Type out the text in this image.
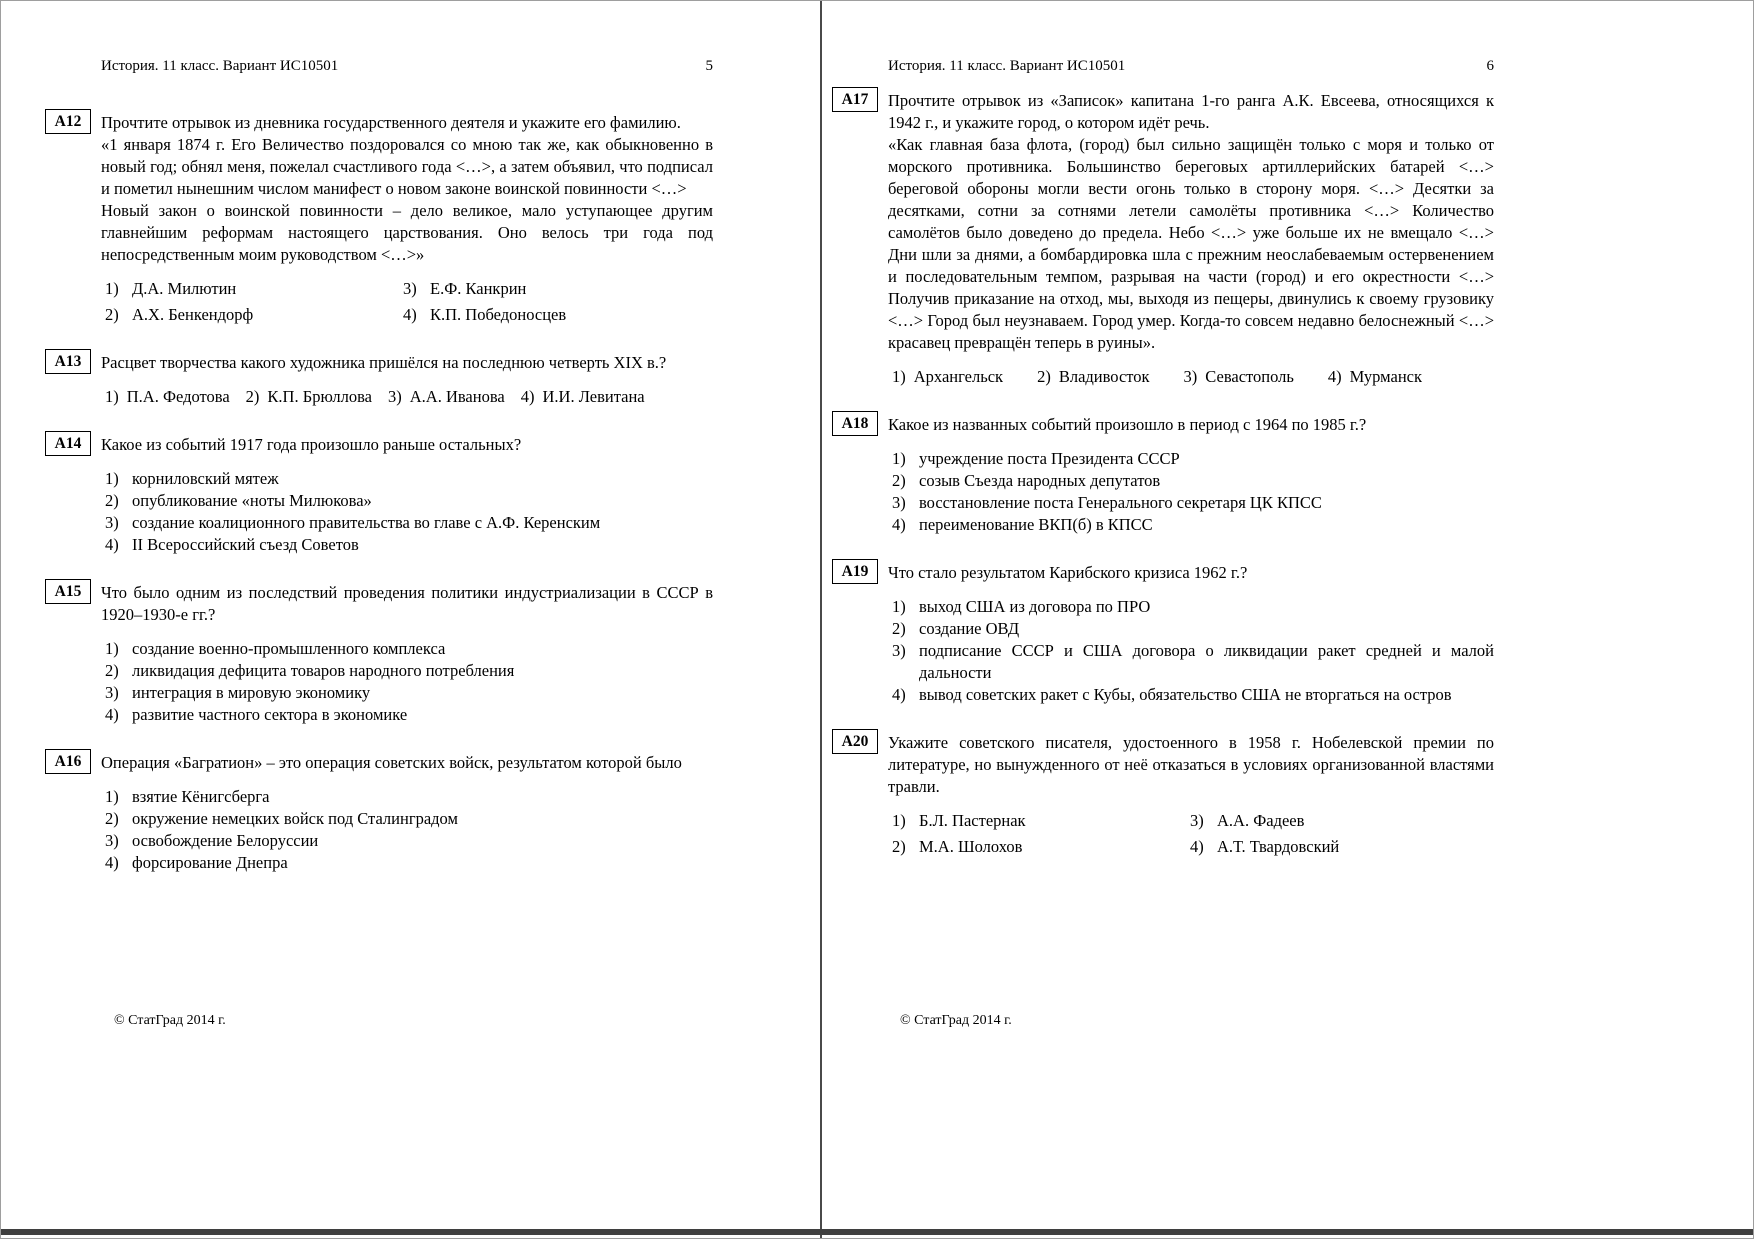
История. 11 класс. Вариант ИС10501	5
А12	Прочтите отрывок из дневника государственного деятеля и укажите его фамилию.

«1 января 1874 г. Его Величество поздоровался со мною так же, как обыкновенно в новый год; обнял меня, пожелал счастливого года <…>, а затем объявил, что подписал и пометил нынешним числом манифест о новом законе воинской повинности <…>

Новый закон о воинской повинности – дело великое, мало уступающее другим главнейшим реформам настоящего царствования. Оно велось три года под непосредственным моим руководством <…>»

1) Д.А. Милютин	3) Е.Ф. Канкрин
2) А.Х. Бенкендорф	4) К.П. Победоносцев
А13	Расцвет творчества какого художника пришёлся на последнюю четверть XIX в.?

1) П.А. Федотова 2) К.П. Брюллова 3) А.А. Иванова 4) И.И. Левитана
А14	Какое из событий 1917 года произошло раньше остальных?

1) корниловский мятеж
2) опубликование «ноты Милюкова»
3) создание коалиционного правительства во главе с А.Ф. Керенским
4) II Всероссийский съезд Советов
А15	Что было одним из последствий проведения политики индустриализации в СССР в 1920–1930-е гг.?

1) создание военно-промышленного комплекса
2) ликвидация дефицита товаров народного потребления
3) интеграция в мировую экономику
4) развитие частного сектора в экономике
А16	Операция «Багратион» – это операция советских войск, результатом которой было

1) взятие Кёнигсберга
2) окружение немецких войск под Сталинградом
3) освобождение Белоруссии
4) форсирование Днепра
© СтатГрад 2014 г.
История. 11 класс. Вариант ИС10501	6
А17	Прочтите отрывок из «Записок» капитана 1-го ранга А.К. Евсеева, относящихся к 1942 г., и укажите город, о котором идёт речь.

«Как главная база флота, (город) был сильно защищён только с моря и только от морского противника. Большинство береговых артиллерийских батарей <…> береговой обороны могли вести огонь только в сторону моря. <…> Десятки за десятками, сотни за сотнями летели самолёты противника <…> Количество самолётов было доведено до предела. Небо <…> уже больше их не вмещало <…> Дни шли за днями, а бомбардировка шла с прежним неослабеваемым остервенением и последовательным темпом, разрывая на части (город) и его окрестности <…> Получив приказание на отход, мы, выходя из пещеры, двинулись к своему грузовику <…> Город был неузнаваем. Город умер. Когда-то совсем недавно белоснежный <…> красавец превращён теперь в руины».

1) Архангельск 2) Владивосток 3) Севастополь 4) Мурманск
А18	Какое из названных событий произошло в период с 1964 по 1985 г.?

1) учреждение поста Президента СССР
2) созыв Съезда народных депутатов
3) восстановление поста Генерального секретаря ЦК КПСС
4) переименование ВКП(б) в КПСС
А19	Что стало результатом Карибского кризиса 1962 г.?

1) выход США из договора по ПРО
2) создание ОВД
3) подписание СССР и США договора о ликвидации ракет средней и малой дальности
4) вывод советских ракет с Кубы, обязательство США не вторгаться на остров
А20	Укажите советского писателя, удостоенного в 1958 г. Нобелевской премии по литературе, но вынужденного от неё отказаться в условиях организованной властями травли.

1) Б.Л. Пастернак	3) А.А. Фадеев
2) М.А. Шолохов	4) А.Т. Твардовский
© СтатГрад 2014 г.
